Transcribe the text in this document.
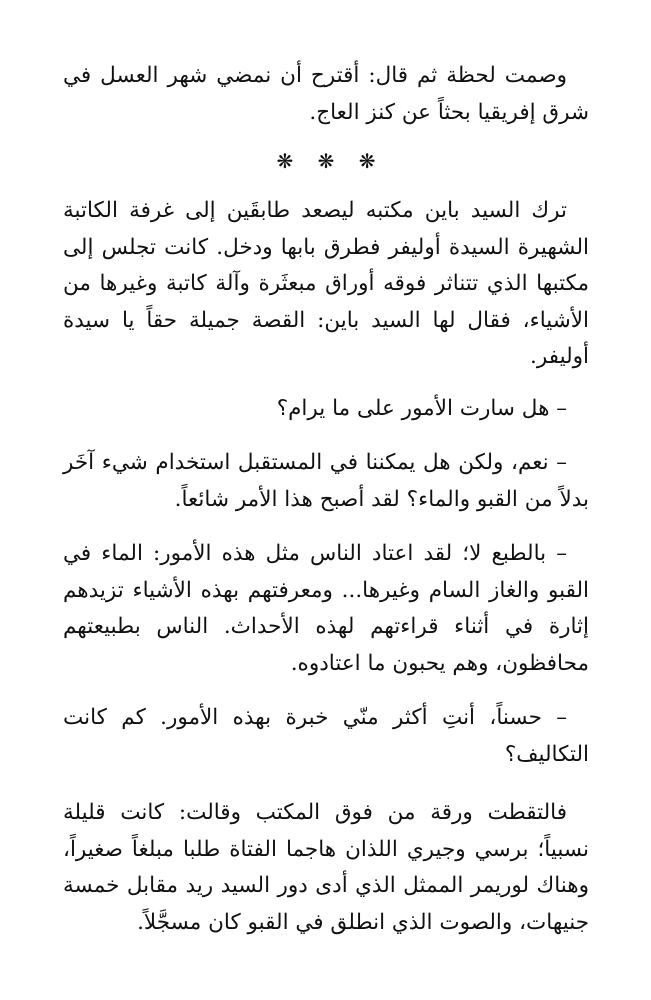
وصمت لحظة ثم قال: أقترح أن نمضي شهر العسل في شرق إفريقيا بحثاً عن كنز العاج.

❋ ❋ ❋

ترك السيد باين مكتبه ليصعد طابقَين إلى غرفة الكاتبة الشهيرة السيدة أوليفر فطرق بابها ودخل. كانت تجلس إلى مكتبها الذي تتناثر فوقه أوراق مبعثَرة وآلة كاتبة وغيرها من الأشياء، فقال لها السيد باين: القصة جميلة حقاً يا سيدة أوليفر.

– هل سارت الأمور على ما يرام؟

– نعم، ولكن هل يمكننا في المستقبل استخدام شيء آخَر بدلاً من القبو والماء؟ لقد أصبح هذا الأمر شائعاً.

– بالطبع لا؛ لقد اعتاد الناس مثل هذه الأمور: الماء في القبو والغاز السام وغيرها... ومعرفتهم بهذه الأشياء تزيدهم إثارة في أثناء قراءتهم لهذه الأحداث. الناس بطبيعتهم محافظون، وهم يحبون ما اعتادوه.

– حسناً، أنتِ أكثر منّي خبرة بهذه الأمور. كم كانت التكاليف؟

فالتقطت ورقة من فوق المكتب وقالت: كانت قليلة نسبياً؛ برسي وجيري اللذان هاجما الفتاة طلبا مبلغاً صغيراً، وهناك لوريمر الممثل الذي أدى دور السيد ريد مقابل خمسة جنيهات، والصوت الذي انطلق في القبو كان مسجَّلاً.
